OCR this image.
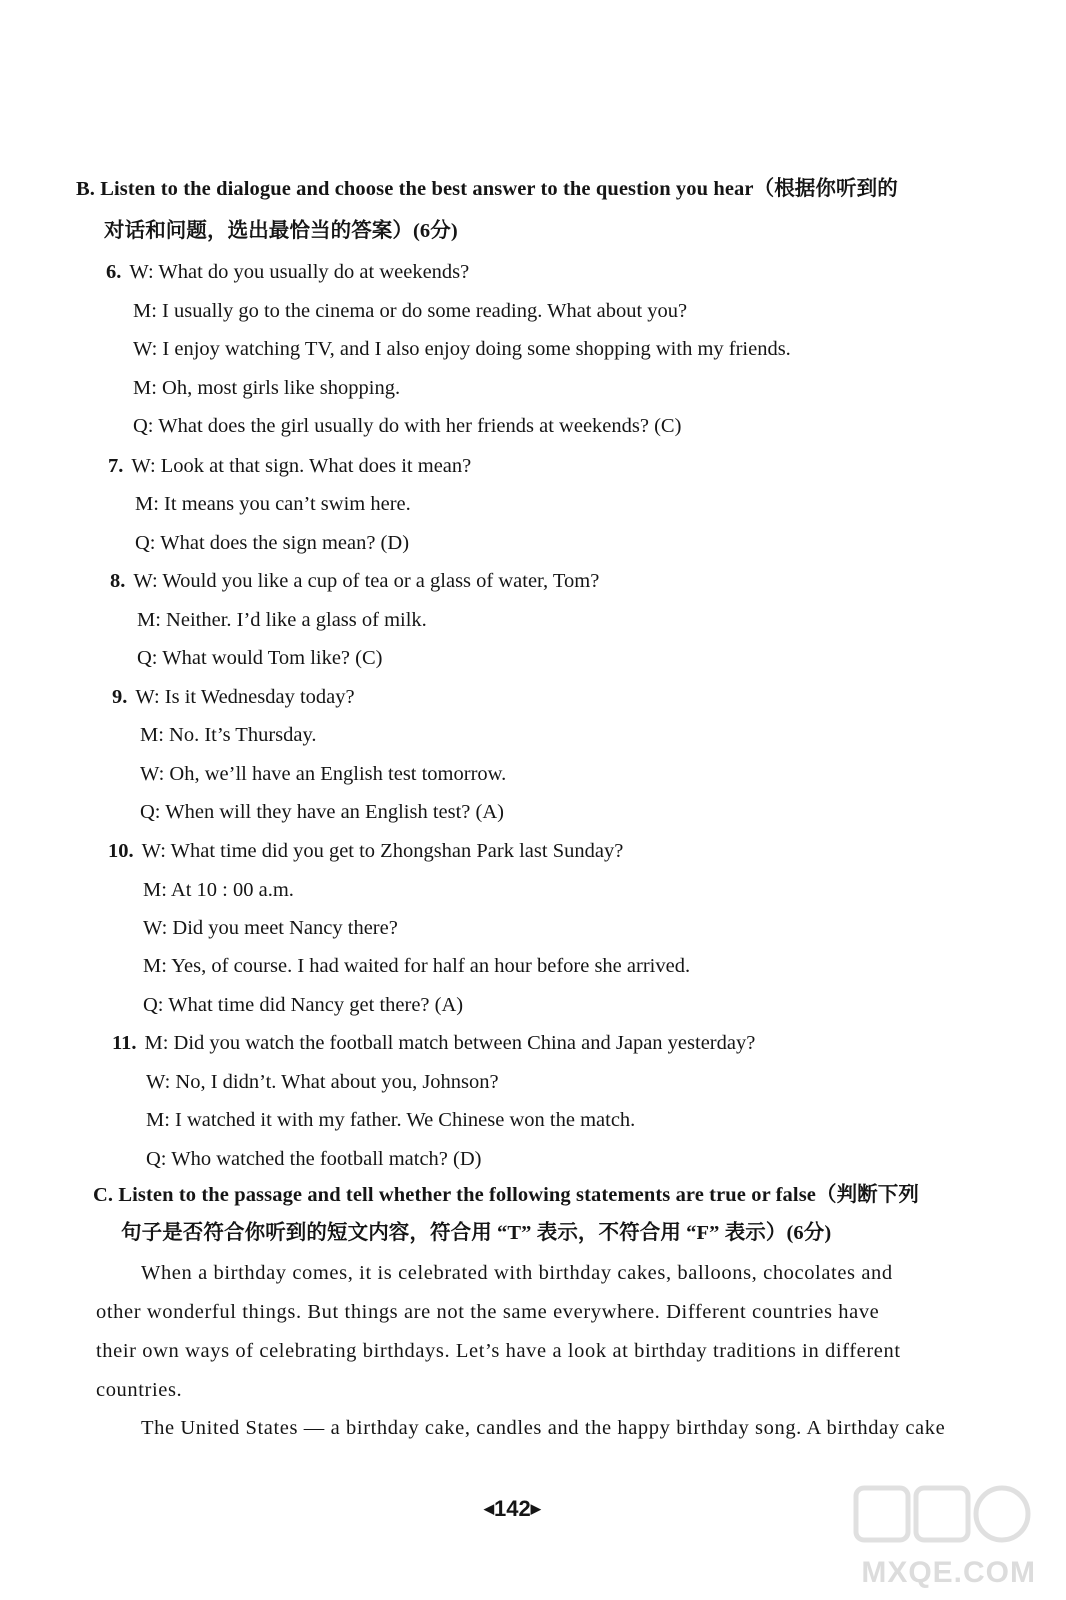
B. Listen to the dialogue and choose the best answer to the question you hear（根据你听到的
对话和问题，选出最恰当的答案）(6分)
6. W: What do you usually do at weekends?
M: I usually go to the cinema or do some reading. What about you?
W: I enjoy watching TV, and I also enjoy doing some shopping with my friends.
M: Oh, most girls like shopping.
Q: What does the girl usually do with her friends at weekends? (C)
7. W: Look at that sign. What does it mean?
M: It means you can’t swim here.
Q: What does the sign mean? (D)
8. W: Would you like a cup of tea or a glass of water, Tom?
M: Neither. I’d like a glass of milk.
Q: What would Tom like? (C)
9. W: Is it Wednesday today?
M: No. It’s Thursday.
W: Oh, we’ll have an English test tomorrow.
Q: When will they have an English test? (A)
10. W: What time did you get to Zhongshan Park last Sunday?
M: At 10 : 00 a.m.
W: Did you meet Nancy there?
M: Yes, of course. I had waited for half an hour before she arrived.
Q: What time did Nancy get there? (A)
11. M: Did you watch the football match between China and Japan yesterday?
W: No, I didn’t. What about you, Johnson?
M: I watched it with my father. We Chinese won the match.
Q: Who watched the football match? (D)
C. Listen to the passage and tell whether the following statements are true or false（判断下列
句子是否符合你听到的短文内容，符合用 “T” 表示，不符合用 “F” 表示）(6分)
When a birthday comes, it is celebrated with birthday cakes, balloons, chocolates and
other wonderful things. But things are not the same everywhere. Different countries have
their own ways of celebrating birthdays. Let’s have a look at birthday traditions in different
countries.
The United States — a birthday cake, candles and the happy birthday song. A birthday cake
◀142▶
MXQE.COM
